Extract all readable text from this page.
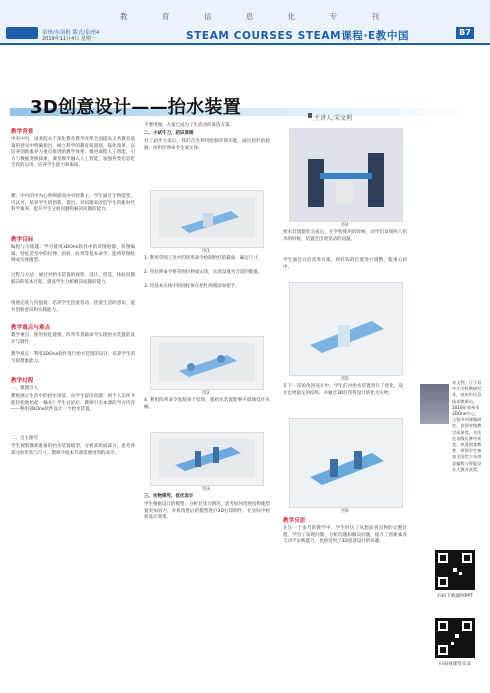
教	育	信	息	化	专	刊
泉州/东南报 版式/泉州4
2019年11月4日 星期一	STEAM COURSES STEAM课程·E教中国	B7
3D创意设计——抬水装置
主讲人:宋文利
教学背景
中央中央、国务院关于深化教育教学改革全面提高义务教育质量的意见中明确指出，树立科学的教育质量观，探化改革，以培养创新素养为重点推进的教学体系，推进课程人工智能，引力与数据变换探索，课堂教学融入人工智能，加强各类信息化手段的运用，培养学生能力和素质。
教。中央的中央心明细提高中央特教主，学生通过生物造型、可认可，培养学生的创新、提出、对问题来改造学生的新时代科学素养，提升学生分析问题和解决问题的能力。
教学目标
编程与习练题：学习使用3DOne软件中的草图绘制、草图编辑、特征造型中的拉伸、扭转、阵列等基本命令，能将草图绘制成实体模型。
过程与方法：通过对抬水装置的观察、设计、创造，体验问题解决的基本过程，提高学生分析解决问题的能力。
情感态度与价值观：培养学生热爱劳动、热爱生活的意识，提升创新意识和实践能力。
教学重点与难点
教学重点：使用特征建模、阵列等基础命令实现抬水装置的设计与制作。
教学难点：利用3DOne软件进行抬水装置的设计，培养学生的空间想象能力。
教学过程
一、课题引入
教师展示生活中的抬水场景，向学生提出问题：两个人怎样才能轻松地抬起一桶水？学生讨论后，教师引出本课的学习内容——利用3DOne软件设计一个抬水装置。
二、自主探究
学生观察教师准备的抬水装置模型，分析其组成部分，思考各部分的形状与尺寸。教师介绍本节课需要用到的命令。
不要用绳，方案已成为了生活动的备选方案。
二、小试牛刀，初识草图
有了初步方案后，我们首先利用绘制草图功能，画出抬杠的轮廓，再用拉伸命令生成实体。
图1
1. 利用草图工具中的矩形命令绘制抬杠的截面，确定尺寸。
2. 用拉伸命令将草图拉伸成实体，长度设置为合适的数值。
3. 用基本实体中的圆柱体在抬杠两端添加把手。
图2
4. 利用阵列命令复制多个挂钩，使抬水装置能够平稳地挂住水桶。
图3
三、实物探究，优化设计
学生根据设计的模型，分析其受力情况，思考如何改进结构使装置更加省力，并将改进后的模型进行3D打印制作，在实际中检验设计效果。
图4
抬水装置制作完成后，在学校使用的时候，同学们发现两人抬水的时候，装置会出现晃动的问题。
学生通过讨论改进方案，将挂钩的位置进行调整，使重心居中。
图5
在下一次的改进设计中，学生们对抬水装置进行了优化，设计出更稳定的结构，并通过3D打印将设计转化为实物。
图6
教学反思
在这一个多月的教学中，学生经历了从想法到实物的完整过程，学会了发现问题、分析问题和解决问题，提升了创新素养与动手实践能力，也感受到了3D创意设计的乐趣。
宋文利，江宁县中小学科教研究室，泉州市信息技术教研员，2018年泉州市3DOne中心，主持多项课题研究，获得省级教学成果奖，多次在各级比赛中获奖，热爱创客教育，带领学生参加全国青少年创意编程与智能设计大赛并获奖。
扫码下载课例PPT
扫码看课堂实录
